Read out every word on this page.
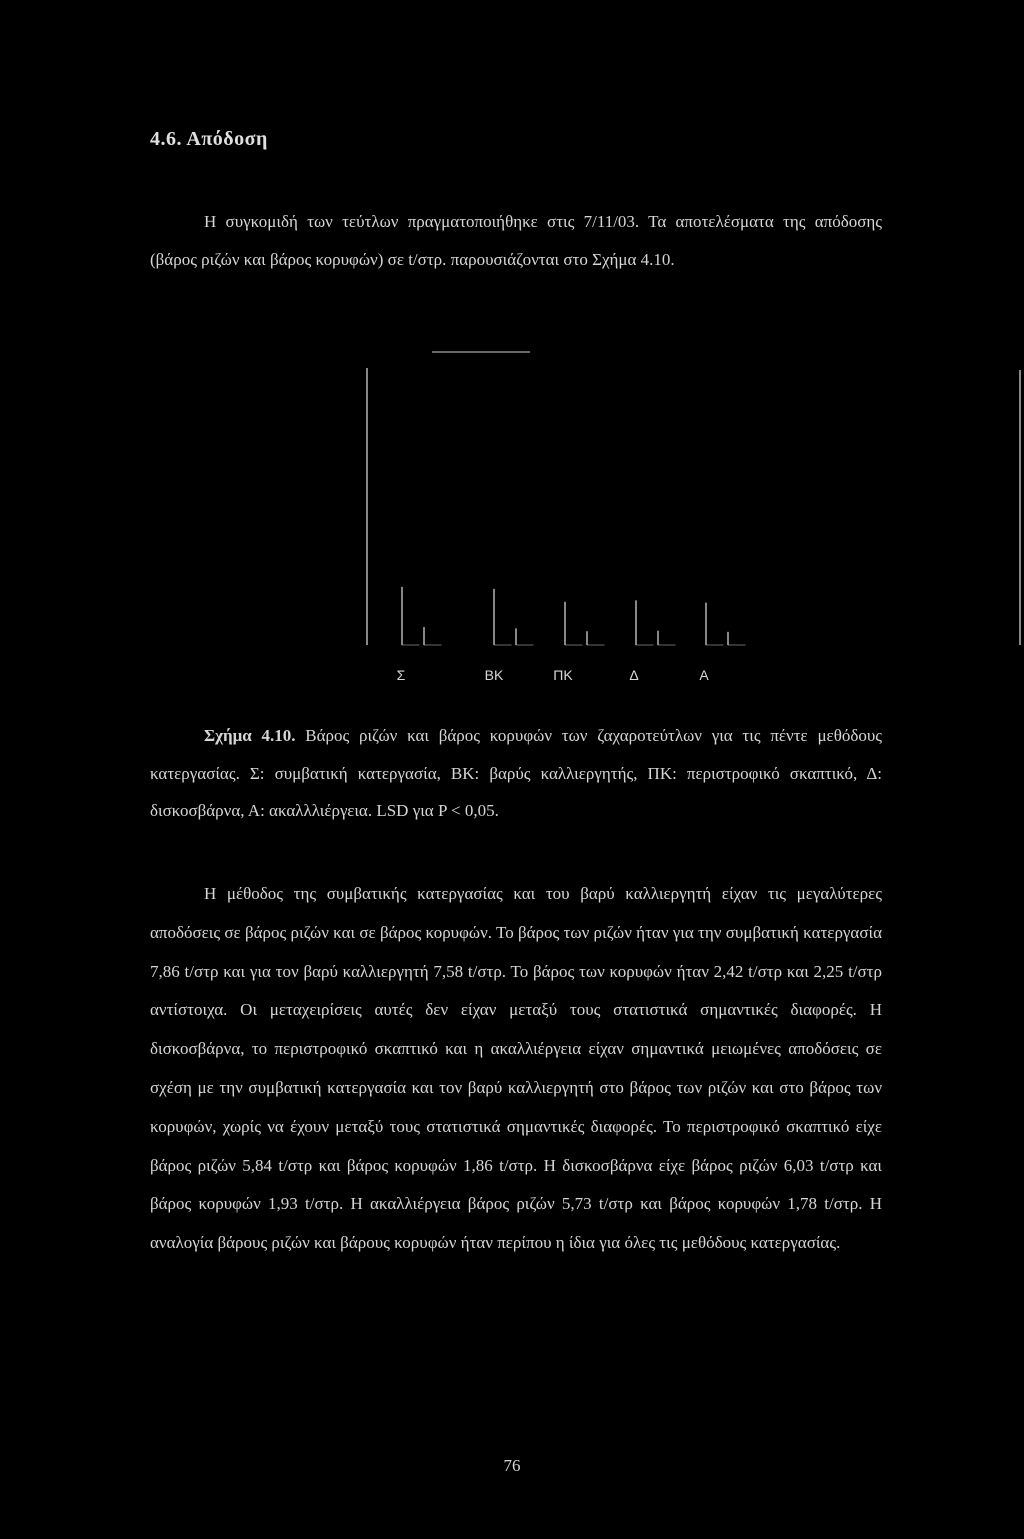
4.6. Απόδοση

Η συγκομιδή των τεύτλων πραγματοποιήθηκε στις 7/11/03. Τα αποτελέσματα της απόδοσης (βάρος ριζών και βάρος κορυφών) σε t/στρ. παρουσιάζονται στο Σχήμα 4.10.

Σ	ΒΚ	ΠΚ	Δ	Α

Σχήμα 4.10. Βάρος ριζών και βάρος κορυφών των ζαχαροτεύτλων για τις πέντε μεθόδους κατεργασίας. Σ: συμβατική κατεργασία, ΒΚ: βαρύς καλλιεργητής, ΠΚ: περιστροφικό σκαπτικό, Δ: δισκοσβάρνα, Α: ακαλλλιέργεια. LSD για P < 0,05.

Η μέθοδος της συμβατικής κατεργασίας και του βαρύ καλλιεργητή είχαν τις μεγαλύτερες αποδόσεις σε βάρος ριζών και σε βάρος κορυφών. Το βάρος των ριζών ήταν για την συμβατική κατεργασία 7,86 t/στρ και για τον βαρύ καλλιεργητή 7,58 t/στρ. Το βάρος των κορυφών ήταν 2,42 t/στρ και 2,25 t/στρ αντίστοιχα. Οι μεταχειρίσεις αυτές δεν είχαν μεταξύ τους στατιστικά σημαντικές διαφορές. Η δισκοσβάρνα, το περιστροφικό σκαπτικό και η ακαλλιέργεια είχαν σημαντικά μειωμένες αποδόσεις σε σχέση με την συμβατική κατεργασία και τον βαρύ καλλιεργητή στο βάρος των ριζών και στο βάρος των κορυφών, χωρίς να έχουν μεταξύ τους στατιστικά σημαντικές διαφορές. Το περιστροφικό σκαπτικό είχε βάρος ριζών 5,84 t/στρ και βάρος κορυφών 1,86 t/στρ. Η δισκοσβάρνα είχε βάρος ριζών 6,03 t/στρ και βάρος κορυφών 1,93 t/στρ. Η ακαλλιέργεια βάρος ριζών 5,73 t/στρ και βάρος κορυφών 1,78 t/στρ. Η αναλογία βάρους ριζών και βάρους κορυφών ήταν περίπου η ίδια για όλες τις μεθόδους κατεργασίας.

76
